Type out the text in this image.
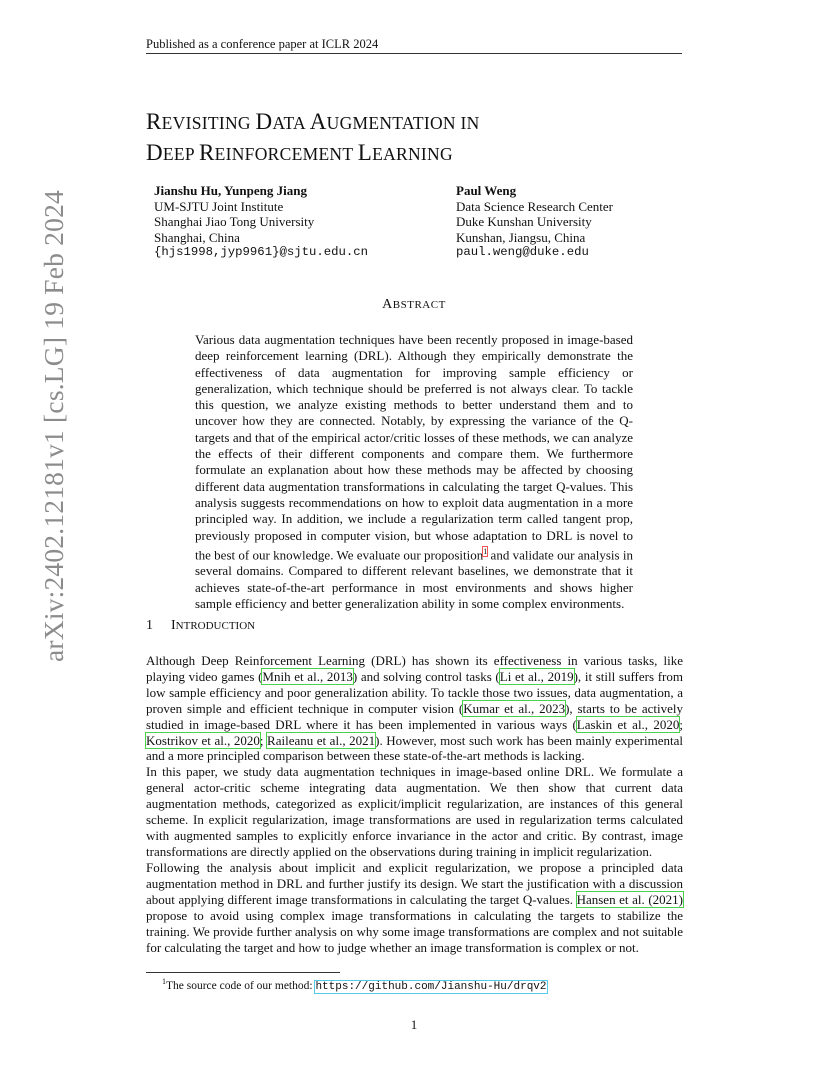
Published as a conference paper at ICLR 2024
REVISITING DATA AUGMENTATION IN
DEEP REINFORCEMENT LEARNING
Jianshu Hu, Yunpeng Jiang
UM-SJTU Joint Institute
Shanghai Jiao Tong University
Shanghai, China
{hjs1998,jyp9961}@sjtu.edu.cn
Paul Weng
Data Science Research Center
Duke Kunshan University
Kunshan, Jiangsu, China
paul.weng@duke.edu
ABSTRACT
Various data augmentation techniques have been recently proposed in image-based deep reinforcement learning (DRL). Although they empirically demonstrate the effectiveness of data augmentation for improving sample efficiency or generalization, which technique should be preferred is not always clear. To tackle this question, we analyze existing methods to better understand them and to uncover how they are connected. Notably, by expressing the variance of the Q-targets and that of the empirical actor/critic losses of these methods, we can analyze the effects of their different components and compare them. We furthermore formulate an explanation about how these methods may be affected by choosing different data augmentation transformations in calculating the target Q-values. This analysis suggests recommendations on how to exploit data augmentation in a more principled way. In addition, we include a regularization term called tangent prop, previously proposed in computer vision, but whose adaptation to DRL is novel to the best of our knowledge. We evaluate our proposition$^1$ and validate our analysis in several domains. Compared to different relevant baselines, we demonstrate that it achieves state-of-the-art performance in most environments and shows higher sample efficiency and better generalization ability in some complex environments.
1 INTRODUCTION
Although Deep Reinforcement Learning (DRL) has shown its effectiveness in various tasks, like playing video games (Mnih et al., 2013) and solving control tasks (Li et al., 2019), it still suffers from low sample efficiency and poor generalization ability. To tackle those two issues, data augmentation, a proven simple and efficient technique in computer vision (Kumar et al., 2023), starts to be actively studied in image-based DRL where it has been implemented in various ways (Laskin et al., 2020; Kostrikov et al., 2020; Raileanu et al., 2021). However, most such work has been mainly experimental and a more principled comparison between these state-of-the-art methods is lacking.
In this paper, we study data augmentation techniques in image-based online DRL. We formulate a general actor-critic scheme integrating data augmentation. We then show that current data augmentation methods, categorized as explicit/implicit regularization, are instances of this general scheme. In explicit regularization, image transformations are used in regularization terms calculated with augmented samples to explicitly enforce invariance in the actor and critic. By contrast, image transformations are directly applied on the observations during training in implicit regularization.
Following the analysis about implicit and explicit regularization, we propose a principled data augmentation method in DRL and further justify its design. We start the justification with a discussion about applying different image transformations in calculating the target Q-values. Hansen et al. (2021) propose to avoid using complex image transformations in calculating the targets to stabilize the training. We provide further analysis on why some image transformations are complex and not suitable for calculating the target and how to judge whether an image transformation is complex or not.
$^1$The source code of our method: https://github.com/Jianshu-Hu/drqv2
1
arXiv:2402.12181v1 [cs.LG] 19 Feb 2024
